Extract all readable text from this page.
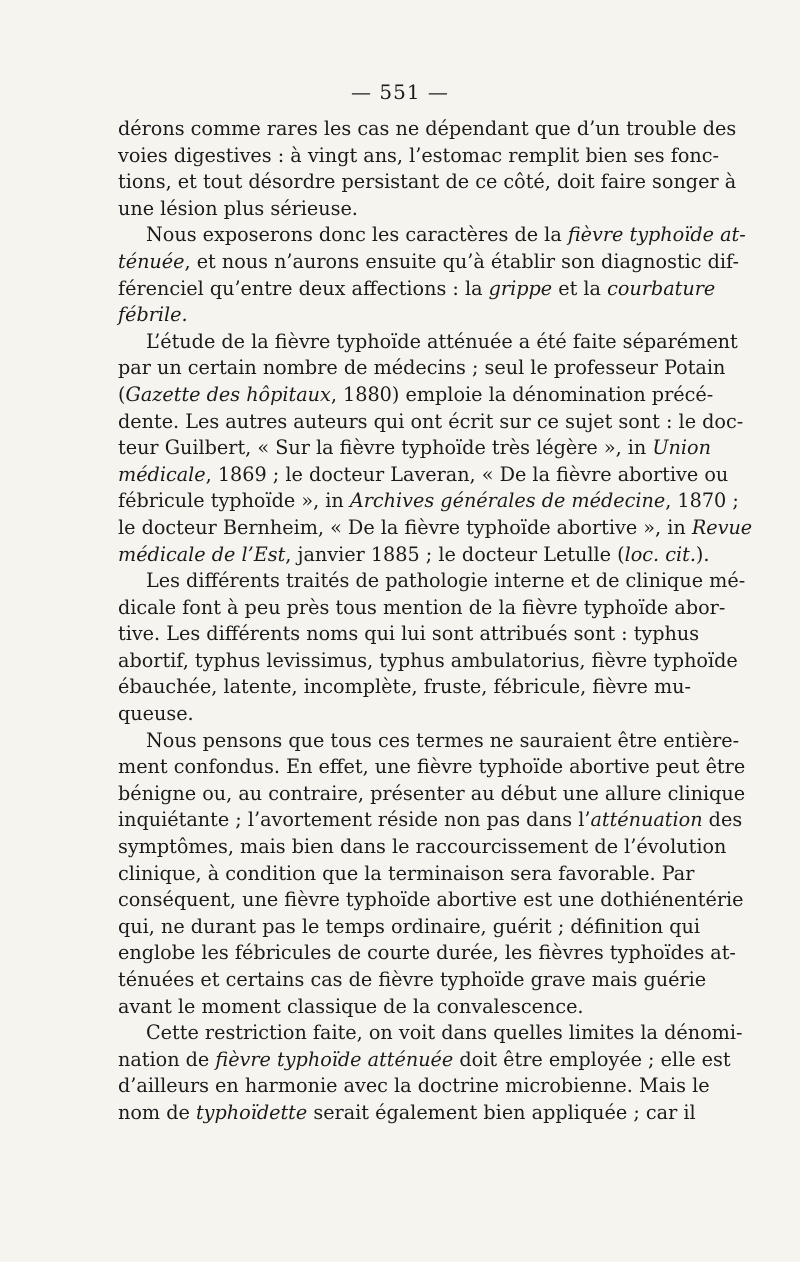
— 551 —
dérons comme rares les cas ne dépendant que d’un trouble des
voies digestives : à vingt ans, l’estomac remplit bien ses fonc-
tions, et tout désordre persistant de ce côté, doit faire songer à
une lésion plus sérieuse.
Nous exposerons donc les caractères de la fièvre typhoïde at-
ténuée, et nous n’aurons ensuite qu’à établir son diagnostic dif-
férenciel qu’entre deux affections : la grippe et la courbature
fébrile.
L’étude de la fièvre typhoïde atténuée a été faite séparément
par un certain nombre de médecins ; seul le professeur Potain
(Gazette des hôpitaux, 1880) emploie la dénomination précé-
dente. Les autres auteurs qui ont écrit sur ce sujet sont : le doc-
teur Guilbert, « Sur la fièvre typhoïde très légère », in Union
médicale, 1869 ; le docteur Laveran, « De la fièvre abortive ou
fébricule typhoïde », in Archives générales de médecine, 1870 ;
le docteur Bernheim, « De la fièvre typhoïde abortive », in Revue
médicale de l’Est, janvier 1885 ; le docteur Letulle (loc. cit.).
Les différents traités de pathologie interne et de clinique mé-
dicale font à peu près tous mention de la fièvre typhoïde abor-
tive. Les différents noms qui lui sont attribués sont : typhus
abortif, typhus levissimus, typhus ambulatorius, fièvre typhoïde
ébauchée, latente, incomplète, fruste, fébricule, fièvre mu-
queuse.
Nous pensons que tous ces termes ne sauraient être entière-
ment confondus. En effet, une fièvre typhoïde abortive peut être
bénigne ou, au contraire, présenter au début une allure clinique
inquiétante ; l’avortement réside non pas dans l’atténuation des
symptômes, mais bien dans le raccourcissement de l’évolution
clinique, à condition que la terminaison sera favorable. Par
conséquent, une fièvre typhoïde abortive est une dothiénentérie
qui, ne durant pas le temps ordinaire, guérit ; définition qui
englobe les fébricules de courte durée, les fièvres typhoïdes at-
ténuées et certains cas de fièvre typhoïde grave mais guérie
avant le moment classique de la convalescence.
Cette restriction faite, on voit dans quelles limites la dénomi-
nation de fièvre typhoïde atténuée doit être employée ; elle est
d’ailleurs en harmonie avec la doctrine microbienne. Mais le
nom de typhoïdette serait également bien appliquée ; car il
